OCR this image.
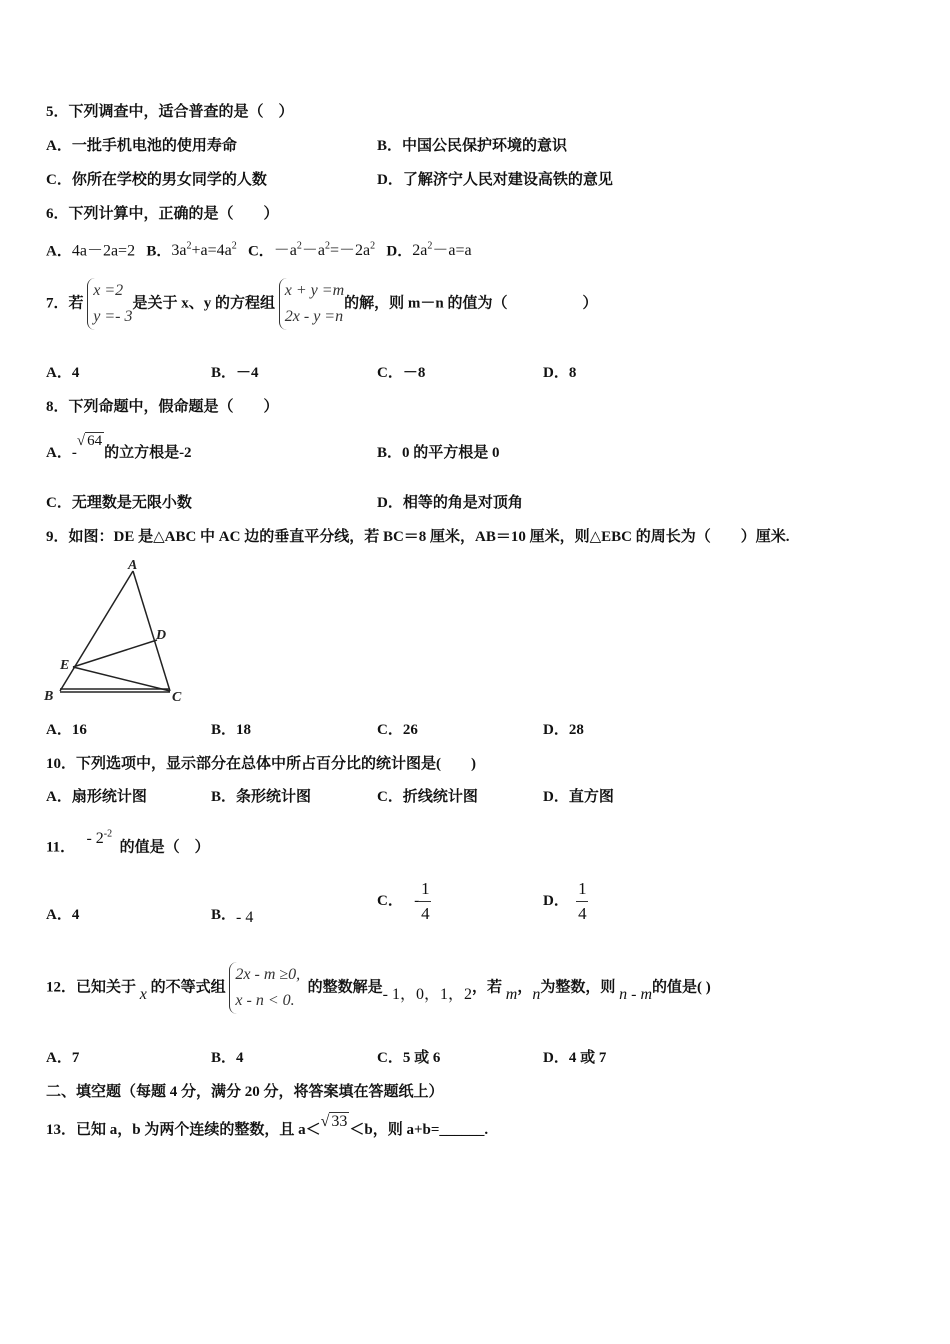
5．下列调查中，适合普查的是（　）
A．一批手机电池的使用寿命	B．中国公民保护环境的意识
C．你所在学校的男女同学的人数	D．了解济宁人民对建设高铁的意见
6．下列计算中，正确的是（　　）
A．4a－2a=2 B．$3a^2+a=4a^2$ C．$-a^2-a^2=-2a^2$ D．$2a^2-a=a$
7．若
x =2
y =- 3
是关于 x、y 的方程组
x + y =m
2x - y =n
的解，则 m－n 的值为（　　　　　）
A．4	B．－4	C．－8	D．8
8．下列命题中，假命题是（　　）
A．-√ 64的立方根是-2	B．0 的平方根是 0
C．无理数是无限小数	D．相等的角是对顶角
9．如图：DE 是△ABC 中 AC 边的垂直平分线，若 BC＝8 厘米，AB＝10 厘米，则△EBC 的周长为（　　）厘米.
A
B	C
D
E
A．16	B．18	C．26	D．28
10．下列选项中，显示部分在总体中所占百分比的统计图是(　　)
A．扇形统计图	B．条形统计图	C．折线统计图	D．直方图
11． - $2^{-2}$  的值是（　）
A．4	B．- 4
C． - $\frac{1}{4}$	D． $\frac{1}{4}$
12．已知关于 x 的不等式组
2x - m ≥0,
x - n < 0.
的整数解是- 1，0，1，2，若 m，n为整数，则 n - m的值是( )
A．7	B．4	C．5 或 6	D．4 或 7
二、填空题（每题 4 分，满分 20 分，将答案填在答题纸上）
13．已知 a，b 为两个连续的整数，且 a＜√ 33 ＜b，则 a+b=______.
